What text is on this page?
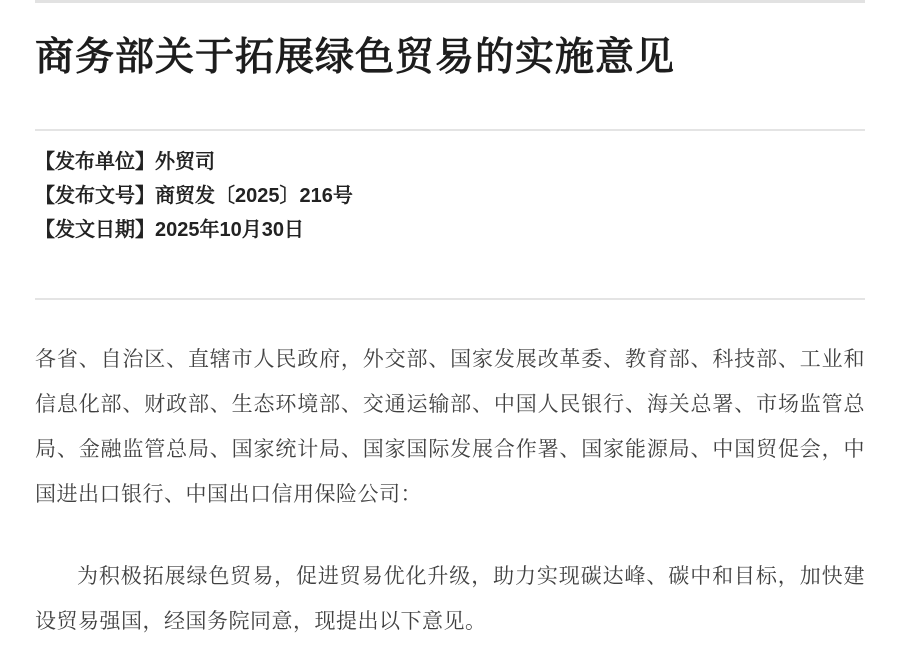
商务部关于拓展绿色贸易的实施意见
【发布单位】外贸司
【发布文号】商贸发〔2025〕216号
【发文日期】2025年10月30日

各省、自治区、直辖市人民政府，外交部、国家发展改革委、教育部、科技部、工业和信息化部、财政部、生态环境部、交通运输部、中国人民银行、海关总署、市场监管总局、金融监管总局、国家统计局、国家国际发展合作署、国家能源局、中国贸促会，中国进出口银行、中国出口信用保险公司：

为积极拓展绿色贸易，促进贸易优化升级，助力实现碳达峰、碳中和目标，加快建设贸易强国，经国务院同意，现提出以下意见。
